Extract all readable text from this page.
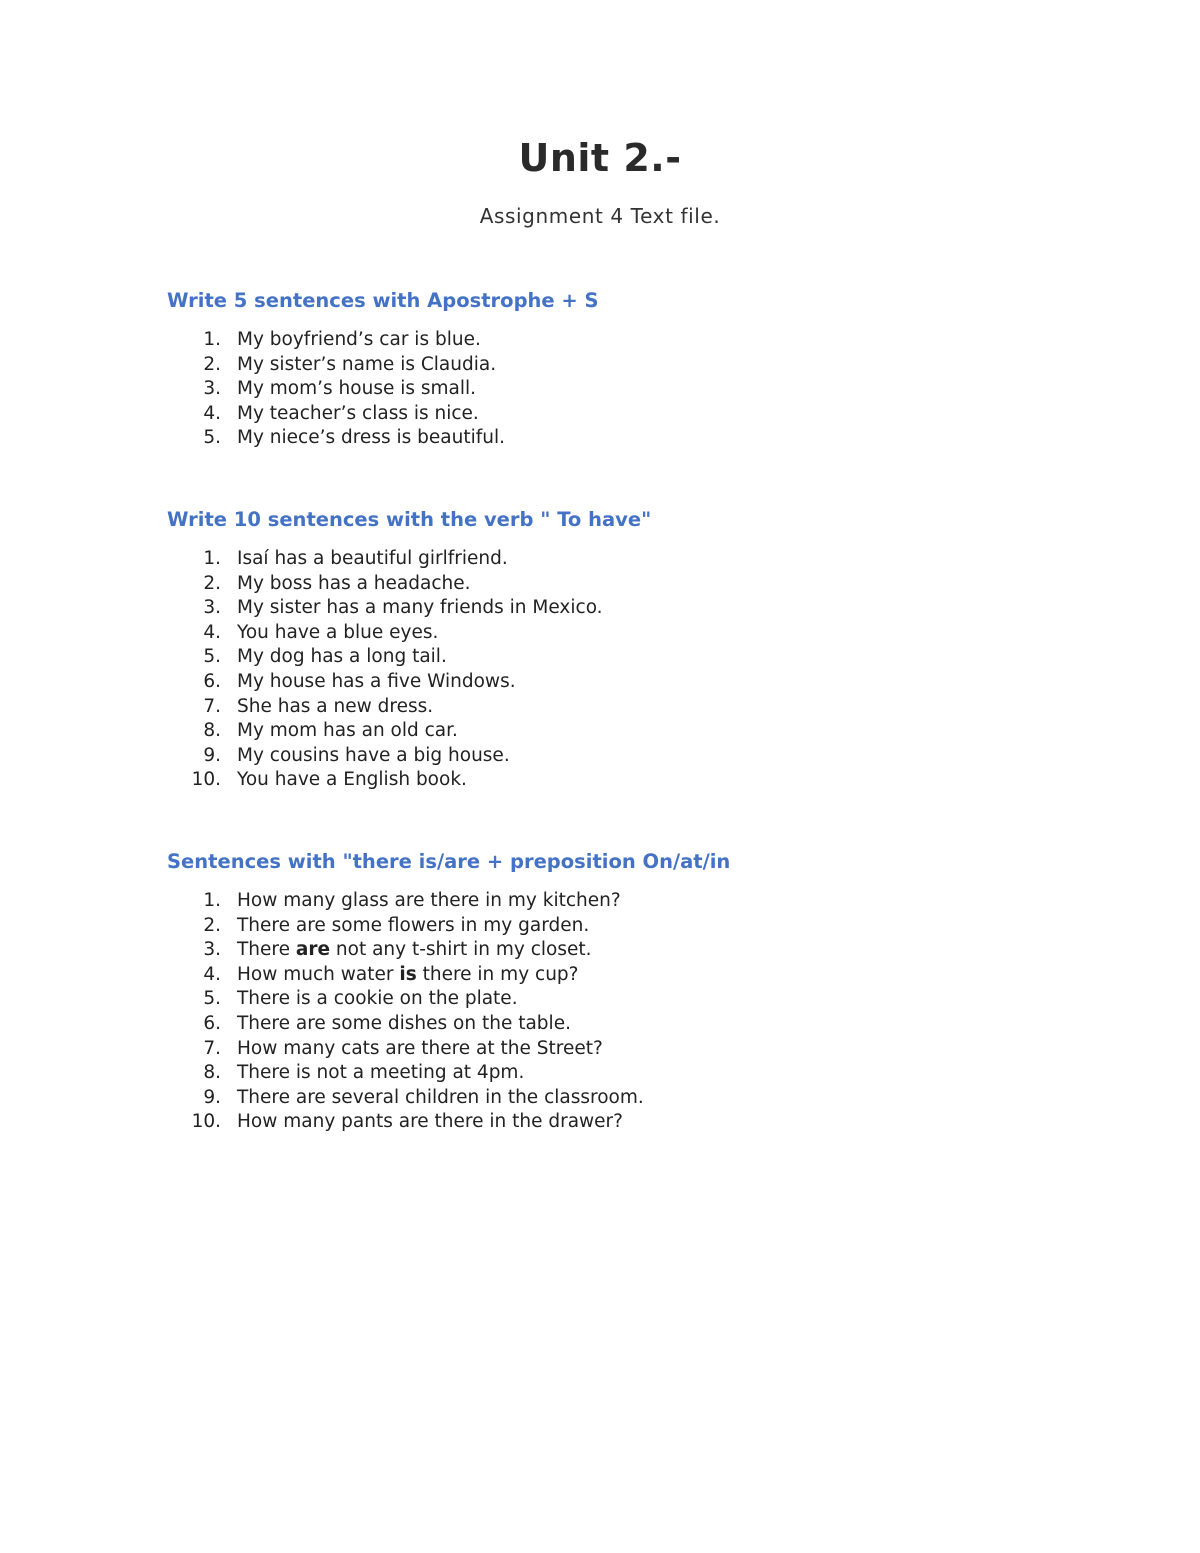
Unit 2.-
Assignment 4 Text file.
Write 5 sentences with Apostrophe + S
1. My boyfriend’s car is blue.
2. My sister’s name is Claudia.
3. My mom’s house is small.
4. My teacher’s class is nice.
5. My niece’s dress is beautiful.
Write 10 sentences with the verb " To have"
1. Isaí has a beautiful girlfriend.
2. My boss has a headache.
3. My sister has a many friends in Mexico.
4. You have a blue eyes.
5. My dog has a long tail.
6. My house has a five Windows.
7. She has a new dress.
8. My mom has an old car.
9. My cousins have a big house.
10. You have a English book.
Sentences with "there is/are + preposition On/at/in
1. How many glass are there in my kitchen?
2. There are some flowers in my garden.
3. There are not any t-shirt in my closet.
4. How much water is there in my cup?
5. There is a cookie on the plate.
6. There are some dishes on the table.
7. How many cats are there at the Street?
8. There is not a meeting at 4pm.
9. There are several children in the classroom.
10. How many pants are there in the drawer?
